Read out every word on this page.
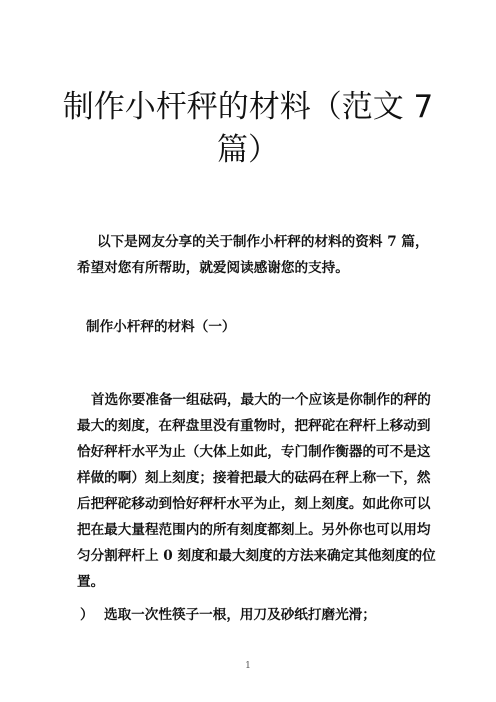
制作小杆秤的材料（范文 7
篇）
以下是网友分享的关于制作小杆秤的材料的资料 7 篇，
希望对您有所帮助，就爱阅读感谢您的支持。
制作小杆秤的材料（一）
首选你要准备一组砝码，最大的一个应该是你制作的秤的
最大的刻度，在秤盘里没有重物时，把秤砣在秤杆上移动到
恰好秤杆水平为止（大体上如此，专门制作衡器的可不是这
样做的啊）刻上刻度；接着把最大的砝码在秤上称一下，然
后把秤砣移动到恰好秤杆水平为止，刻上刻度。如此你可以
把在最大量程范围内的所有刻度都刻上。另外你也可以用均
匀分割秤杆上 0 刻度和最大刻度的方法来确定其他刻度的位
置。
） 选取一次性筷子一根，用刀及砂纸打磨光滑；
1
